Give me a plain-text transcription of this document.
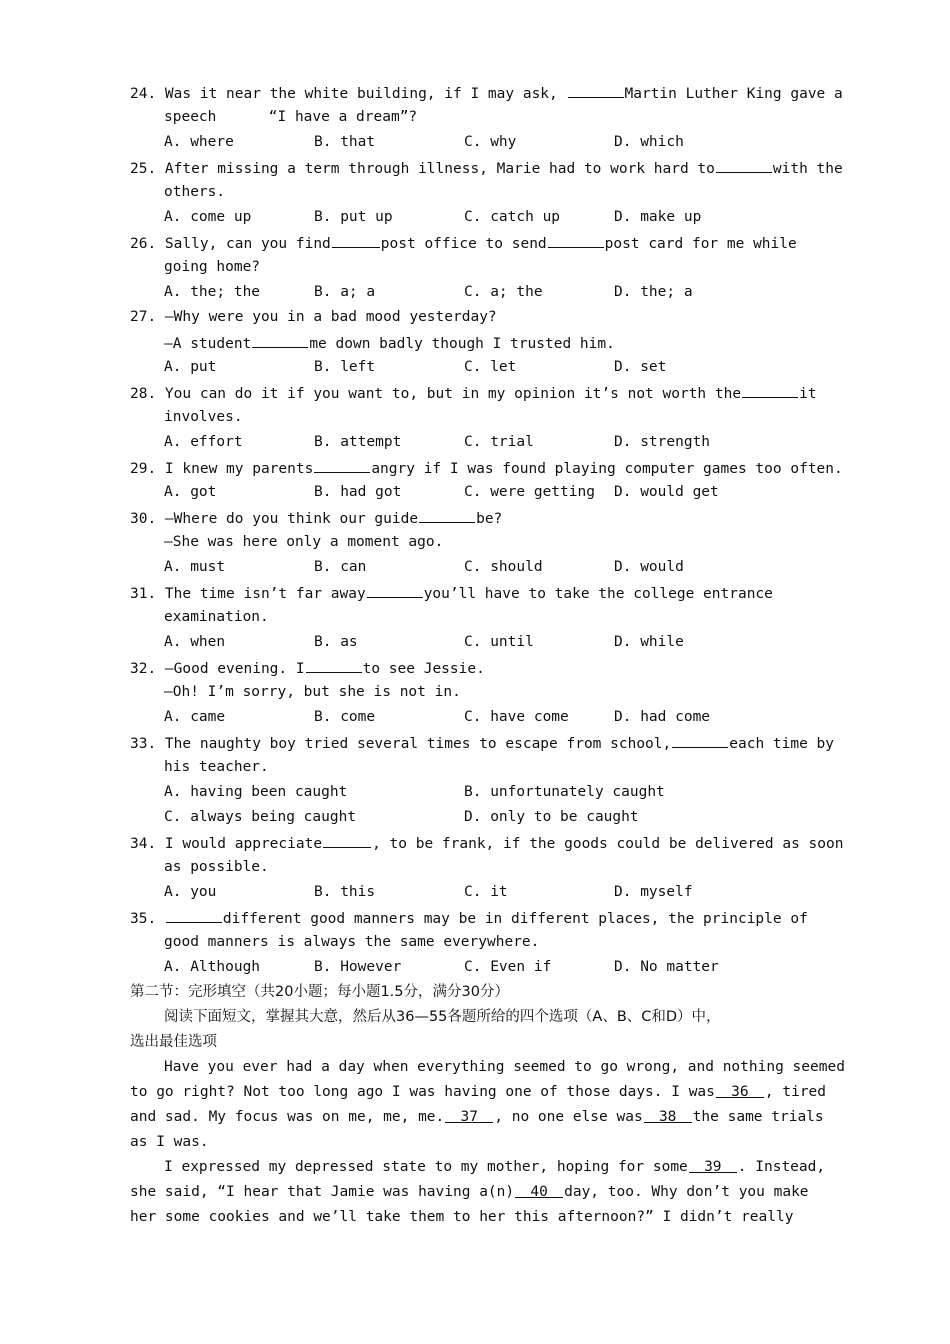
24. Was it near the white building, if I may ask,	Martin Luther King gave a
speech      “I have a dream”?
A. where	B. that	C. why	D. which
25. After missing a term through illness, Marie had to work hard to	with the
others.
A. come up	B. put up	C. catch up	D. make up
26. Sally, can you find	post office to send	post card for me while
going home?
A. the; the	B. a; a	C. a; the	D. the; a
27. —Why were you in a bad mood yesterday?
—A student	me down badly though I trusted him.
A. put	B. left	C. let	D. set
28. You can do it if you want to, but in my opinion it’s not worth the	it
involves.
A. effort	B. attempt	C. trial	D. strength
29. I knew my parents	angry if I was found playing computer games too often.
A. got	B. had got	C. were getting D. would get
30. —Where do you think our guide	be?
—She was here only a moment ago.
A. must	B. can	C. should	D. would
31. The time isn’t far away	you’ll have to take the college entrance
examination.
A. when	B. as	C. until	D. while
32. —Good evening. I	to see Jessie.
—Oh! I’m sorry, but she is not in.
A. came	B. come	C. have come	D. had come
33. The naughty boy tried several times to escape from school,	each time by
his teacher.
A. having been caught	B. unfortunately caught
C. always being caught	D. only to be caught
34. I would appreciate	, to be frank, if the goods could be delivered as soon
as possible.
A. you	B. this	C. it	D. myself
35.	different good manners may be in different places, the principle of
good manners is always the same everywhere.
A. Although	B. However	C. Even if	D. No matter
第二节：完形填空（共20小题；每小题1.5分，满分30分）
阅读下面短文，掌握其大意，然后从36—55各题所给的四个选项（A、B、C和D）中，
选出最佳选项
Have you ever had a day when everything seemed to go wrong, and nothing seemed
to go right? Not too long ago I was having one of those days. I was 36 , tired
and sad. My focus was on me, me, me. 37 , no one else was 38 the same trials
as I was.
I expressed my depressed state to my mother, hoping for some 39 . Instead,
she said, “I hear that Jamie was having a(n) 40 day, too. Why don’t you make
her some cookies and we’ll take them to her this afternoon?” I didn’t really
